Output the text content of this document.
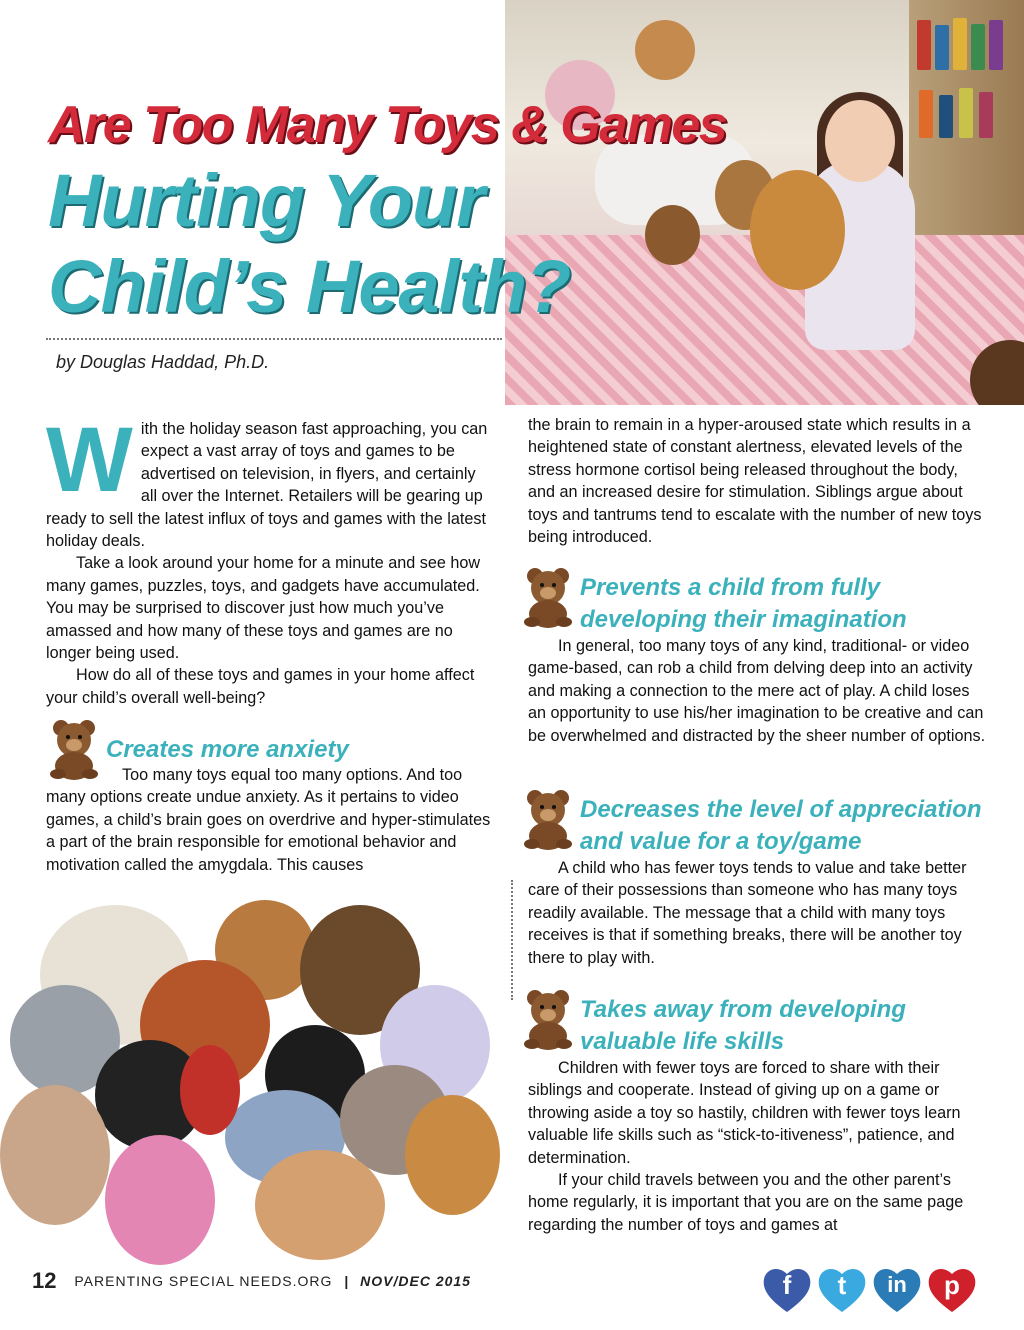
Are Too Many Toys & Games
Hurting Your
Child’s Health?
by Douglas Haddad, Ph.D.
W ith the holiday season fast approaching, you can expect a vast array of toys and games to be advertised on television, in flyers, and certainly all over the Internet. Retailers will be gearing up ready to sell the latest influx of toys and games with the latest holiday deals.

Take a look around your home for a minute and see how many games, puzzles, toys, and gadgets have accumulated. You may be surprised to discover just how much you’ve amassed and how many of these toys and games are no longer being used.

How do all of these toys and games in your home affect your child’s overall well-being?

Creates more anxiety

Too many toys equal too many options. And too many options create undue anxiety. As it pertains to video games, a child’s brain goes on overdrive and hyper-stimulates a part of the brain responsible for emotional behavior and motivation called the amygdala. This causes

the brain to remain in a hyper-aroused state which results in a heightened state of constant alertness, elevated levels of the stress hormone cortisol being released throughout the body, and an increased desire for stimulation. Siblings argue about toys and tantrums tend to escalate with the number of new toys being introduced.

Prevents a child from fully
developing their imagination

In general, too many toys of any kind, traditional- or video game-based, can rob a child from delving deep into an activity and making a connection to the mere act of play. A child loses an opportunity to use his/her imagination to be creative and can be overwhelmed and distracted by the sheer number of options.

Decreases the level of appreciation
and value for a toy/game

A child who has fewer toys tends to value and take better care of their possessions than someone who has many toys readily available. The message that a child with many toys receives is that if something breaks, there will be another toy there to play with.

Takes away from developing
valuable life skills

Children with fewer toys are forced to share with their siblings and cooperate. Instead of giving up on a game or throwing aside a toy so hastily, children with fewer toys learn valuable life skills such as “stick-to-itiveness”, patience, and determination.

If your child travels between you and the other parent’s home regularly, it is important that you are on the same page regarding the number of toys and games at

12 PARENTING SPECIAL NEEDS.ORG | NOV/DEC 2015	f	t	in	p
